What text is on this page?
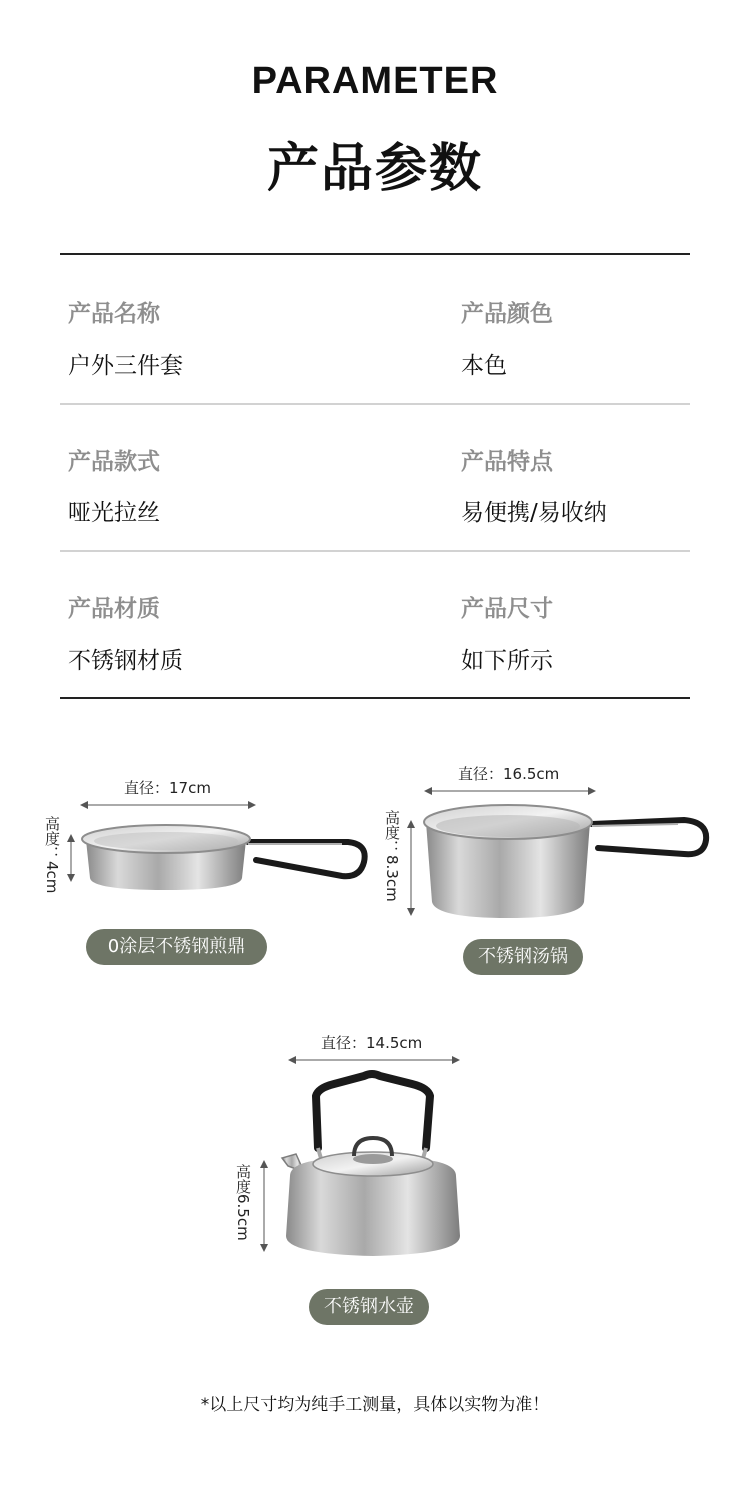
PARAMETER
产品参数
产品名称
户外三件套
产品颜色
本色
产品款式
哑光拉丝
产品特点
易便携/易收纳
产品材质
不锈钢材质
产品尺寸
如下所示
直径：17cm
高度：4cm
0涂层不锈钢煎鼎
直径：16.5cm
高度：8.3cm
不锈钢汤锅
直径：14.5cm
高度6.5cm
不锈钢水壶
*以上尺寸均为纯手工测量，具体以实物为准！
